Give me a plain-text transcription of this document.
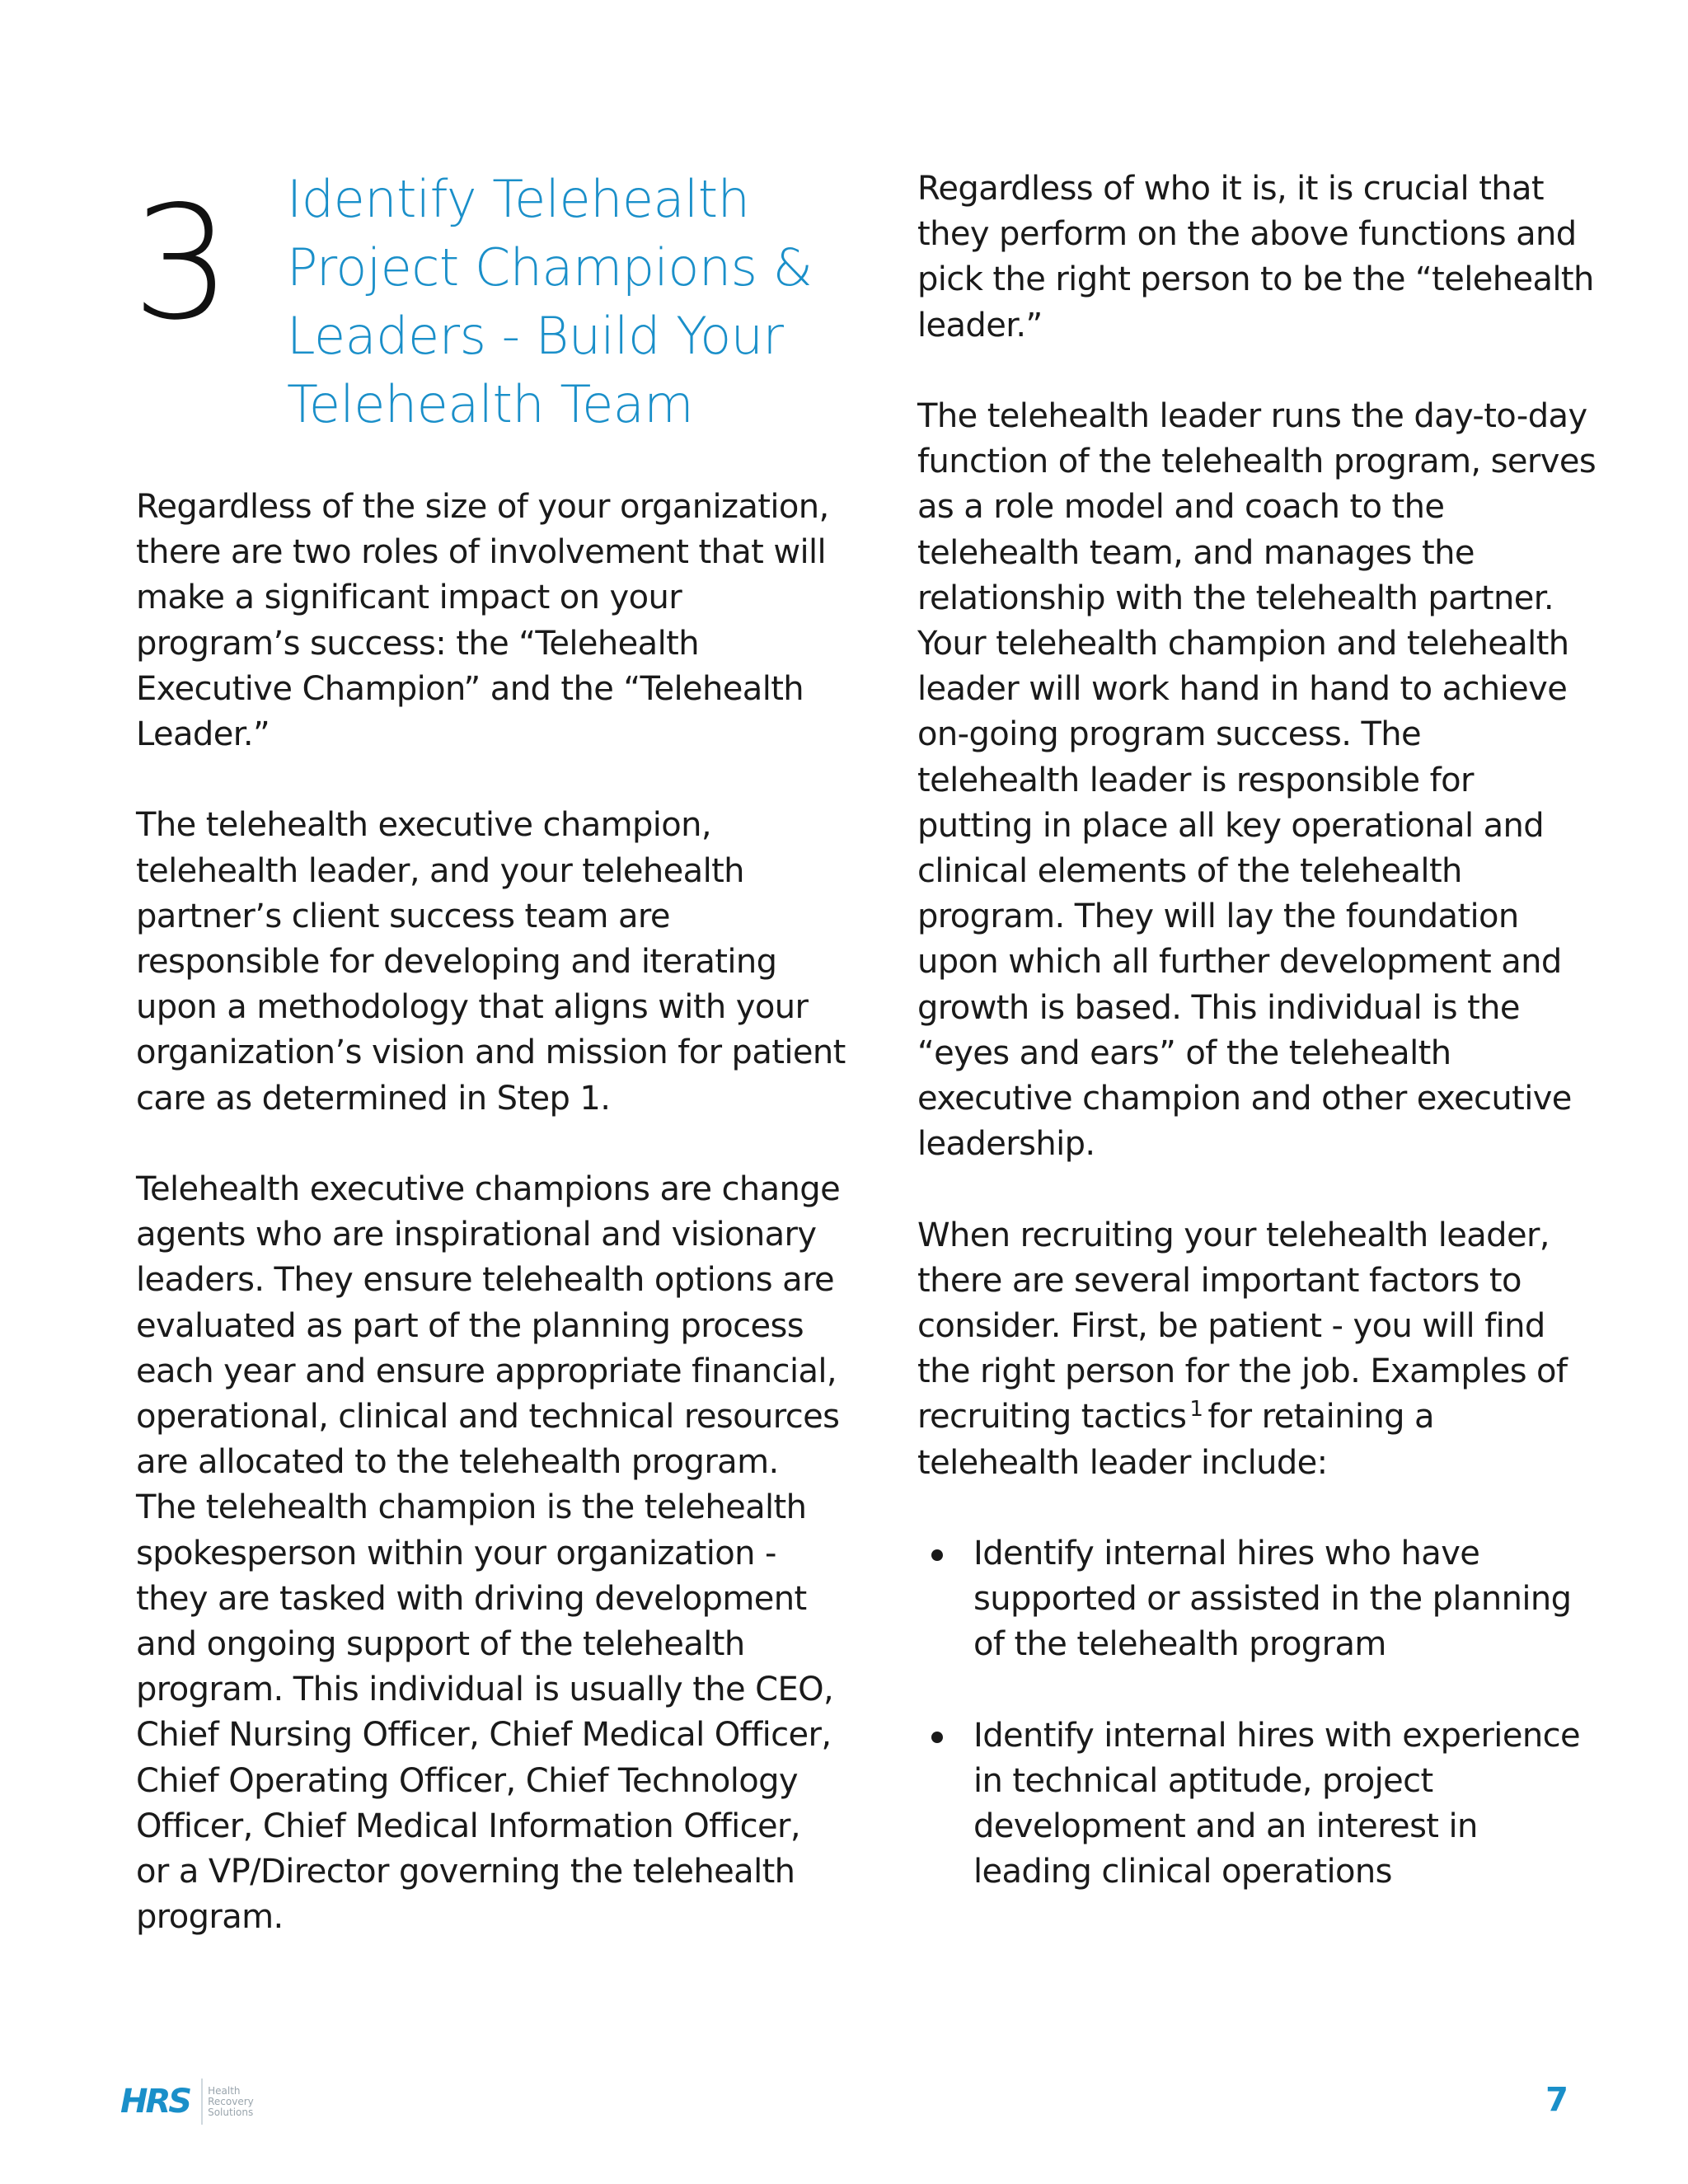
3 Identify Telehealth
Project Champions &
Leaders - Build Your
Telehealth Team

Regardless of the size of your organization,
there are two roles of involvement that will
make a significant impact on your
program’s success: the “Telehealth
Executive Champion” and the “Telehealth
Leader.”

The telehealth executive champion,
telehealth leader, and your telehealth
partner’s client success team are
responsible for developing and iterating
upon a methodology that aligns with your
organization’s vision and mission for patient
care as determined in Step 1.

Telehealth executive champions are change
agents who are inspirational and visionary
leaders. They ensure telehealth options are
evaluated as part of the planning process
each year and ensure appropriate financial,
operational, clinical and technical resources
are allocated to the telehealth program.
The telehealth champion is the telehealth
spokesperson within your organization -
they are tasked with driving development
and ongoing support of the telehealth
program. This individual is usually the CEO,
Chief Nursing Officer, Chief Medical Officer,
Chief Operating Officer, Chief Technology
Officer, Chief Medical Information Officer,
or a VP/Director governing the telehealth
program.

Regardless of who it is, it is crucial that
they perform on the above functions and
pick the right person to be the “telehealth
leader.”

The telehealth leader runs the day-to-day
function of the telehealth program, serves
as a role model and coach to the
telehealth team, and manages the
relationship with the telehealth partner.
Your telehealth champion and telehealth
leader will work hand in hand to achieve
on-going program success. The
telehealth leader is responsible for
putting in place all key operational and
clinical elements of the telehealth
program. They will lay the foundation
upon which all further development and
growth is based. This individual is the
“eyes and ears” of the telehealth
executive champion and other executive
leadership.

When recruiting your telehealth leader,
there are several important factors to
consider. First, be patient - you will find
the right person for the job. Examples of
recruiting tactics $^1$ for retaining a
telehealth leader include:

Identify internal hires who have
supported or assisted in the planning
of the telehealth program
Identify internal hires with experience
in technical aptitude, project
development and an interest in
leading clinical operations
HRS Health
Recovery
Solutions	7
